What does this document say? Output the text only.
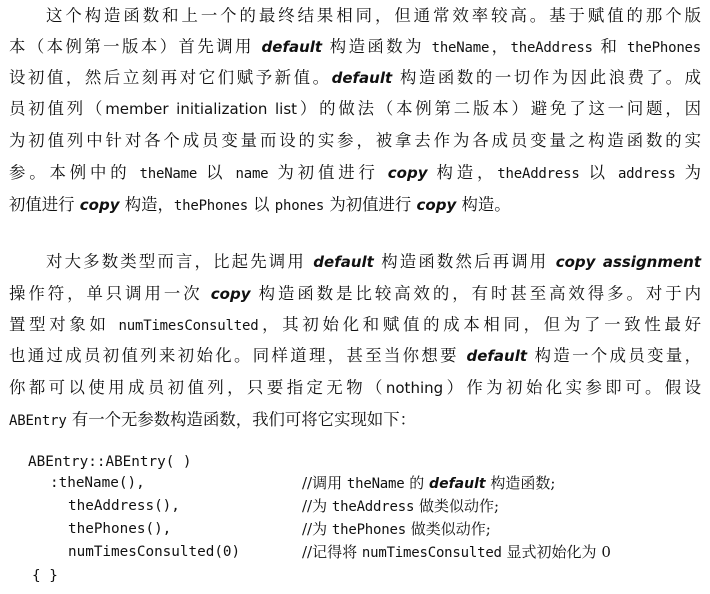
这个构造函数和上一个的最终结果相同，但通常效率较高。基于赋值的那个版
本（本例第一版本）首先调用 default 构造函数为 theName，theAddress 和 thePhones
设初值，然后立刻再对它们赋予新值。default 构造函数的一切作为因此浪费了。成
员初值列（member initialization list）的做法（本例第二版本）避免了这一问题，因
为初值列中针对各个成员变量而设的实参，被拿去作为各成员变量之构造函数的实
参。本例中的 theName 以 name 为初值进行 copy 构造，theAddress 以 address 为
初值进行 copy 构造，thePhones 以 phones 为初值进行 copy 构造。
对大多数类型而言，比起先调用 default 构造函数然后再调用 copy assignment
操作符，单只调用一次 copy 构造函数是比较高效的，有时甚至高效得多。对于内
置型对象如 numTimesConsulted，其初始化和赋值的成本相同，但为了一致性最好
也通过成员初值列来初始化。同样道理，甚至当你想要 default 构造一个成员变量，
你都可以使用成员初值列，只要指定无物（nothing）作为初始化实参即可。假设
ABEntry 有一个无参数构造函数，我们可将它实现如下：
ABEntry::ABEntry( )
:theName(),
theAddress(),
thePhones(),
numTimesConsulted(0)
{ }
//调用 theName 的 default 构造函数;
//为 theAddress 做类似动作;
//为 thePhones 做类似动作;
//记得将 numTimesConsulted 显式初始化为 0
